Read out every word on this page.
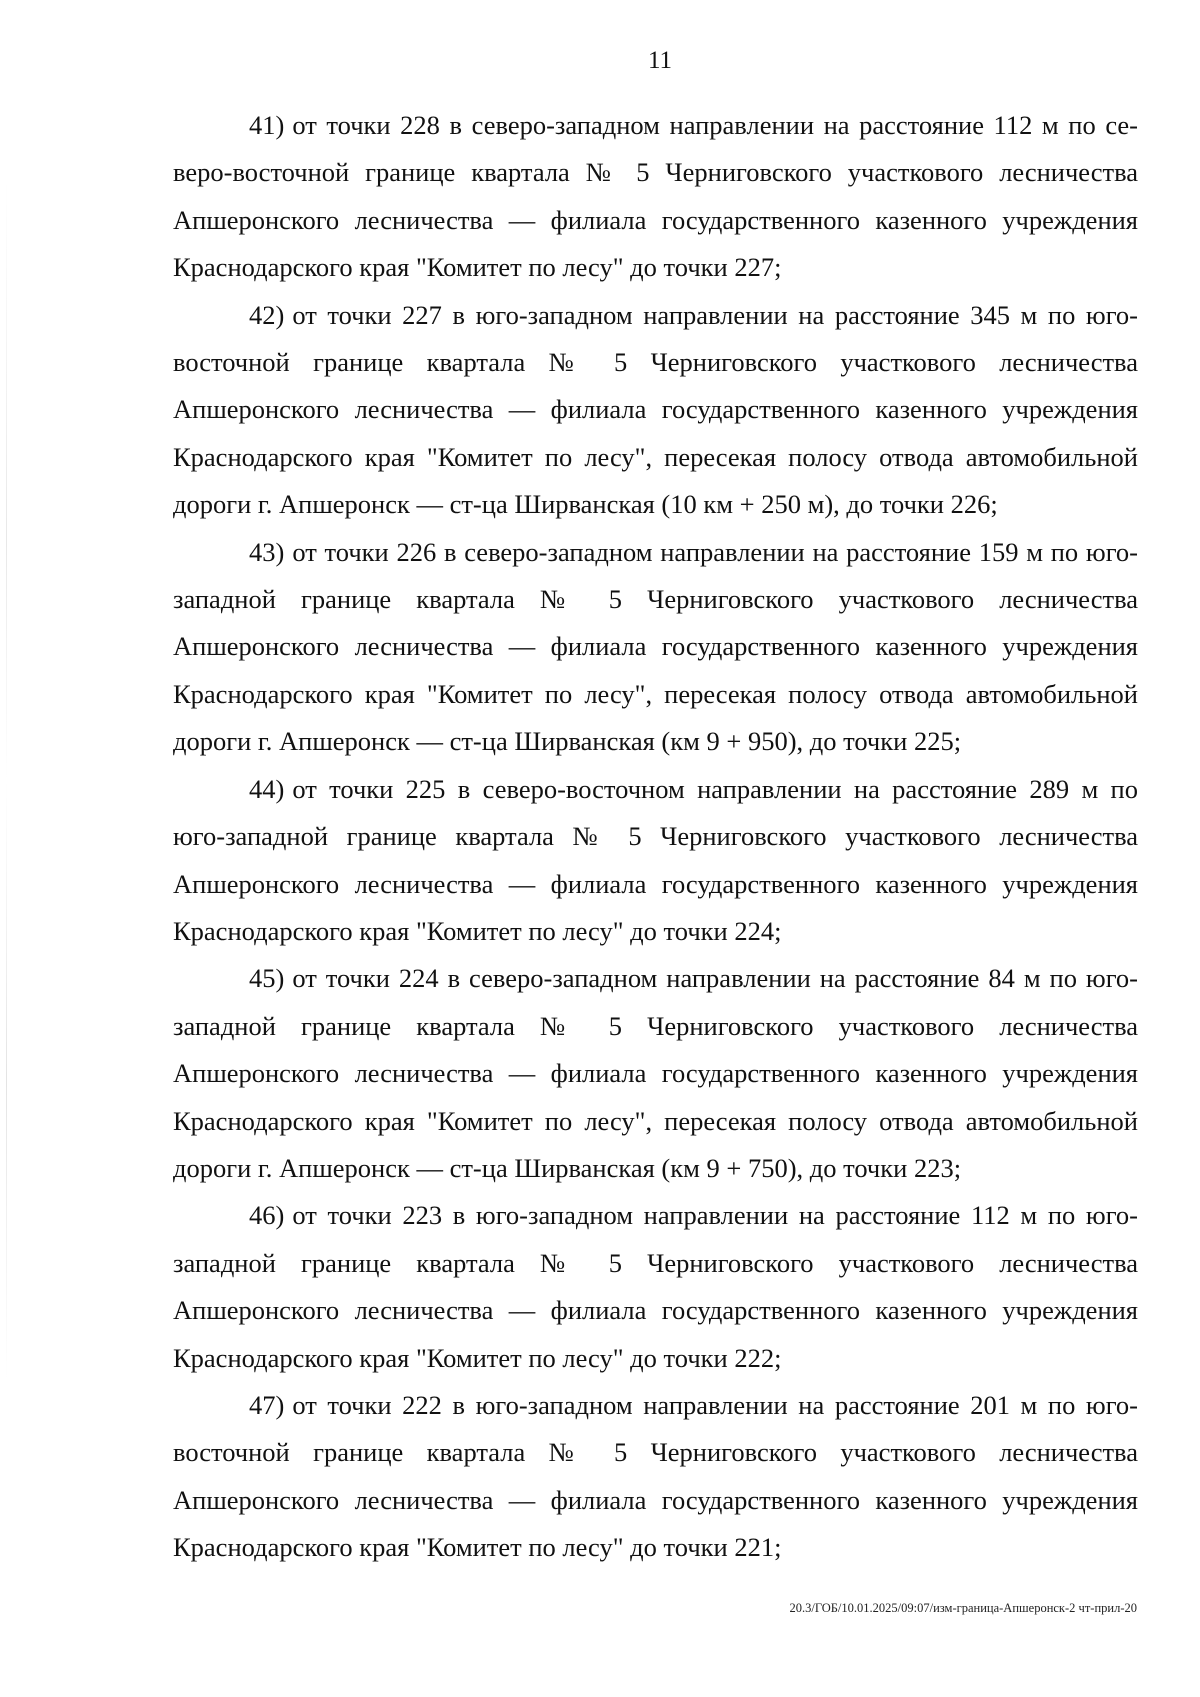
11

41) от точки 228 в северо-западном направлении на расстояние 112 м по северо-восточной границе квартала № 5 Черниговского участкового лесничества Апшеронского лесничества — филиала государственного казенного учреждения Краснодарского края "Комитет по лесу" до точки 227;

42) от точки 227 в юго-западном направлении на расстояние 345 м по юго-восточной границе квартала № 5 Черниговского участкового лесничества Апшеронского лесничества — филиала государственного казенного учреждения Краснодарского края "Комитет по лесу", пересекая полосу отвода автомобильной дороги г. Апшеронск — ст-ца Ширванская (10 км + 250 м), до точки 226;

43) от точки 226 в северо-западном направлении на расстояние 159 м по юго-западной границе квартала № 5 Черниговского участкового лесничества Апшеронского лесничества — филиала государственного казенного учреждения Краснодарского края "Комитет по лесу", пересекая полосу отвода автомобильной дороги г. Апшеронск — ст-ца Ширванская (км 9 + 950), до точки 225;

44) от точки 225 в северо-восточном направлении на расстояние 289 м по юго-западной границе квартала № 5 Черниговского участкового лесничества Апшеронского лесничества — филиала государственного казенного учреждения Краснодарского края "Комитет по лесу" до точки 224;

45) от точки 224 в северо-западном направлении на расстояние 84 м по юго-западной границе квартала № 5 Черниговского участкового лесничества Апшеронского лесничества — филиала государственного казенного учреждения Краснодарского края "Комитет по лесу", пересекая полосу отвода автомобильной дороги г. Апшеронск — ст-ца Ширванская (км 9 + 750), до точки 223;

46) от точки 223 в юго-западном направлении на расстояние 112 м по юго-западной границе квартала № 5 Черниговского участкового лесничества Апшеронского лесничества — филиала государственного казенного учреждения Краснодарского края "Комитет по лесу" до точки 222;

47) от точки 222 в юго-западном направлении на расстояние 201 м по юго-восточной границе квартала № 5 Черниговского участкового лесничества Апшеронского лесничества — филиала государственного казенного учреждения Краснодарского края "Комитет по лесу" до точки 221;

20.3/ГОБ/10.01.2025/09:07/изм-граница-Апшеронск-2 чт-прил-20
